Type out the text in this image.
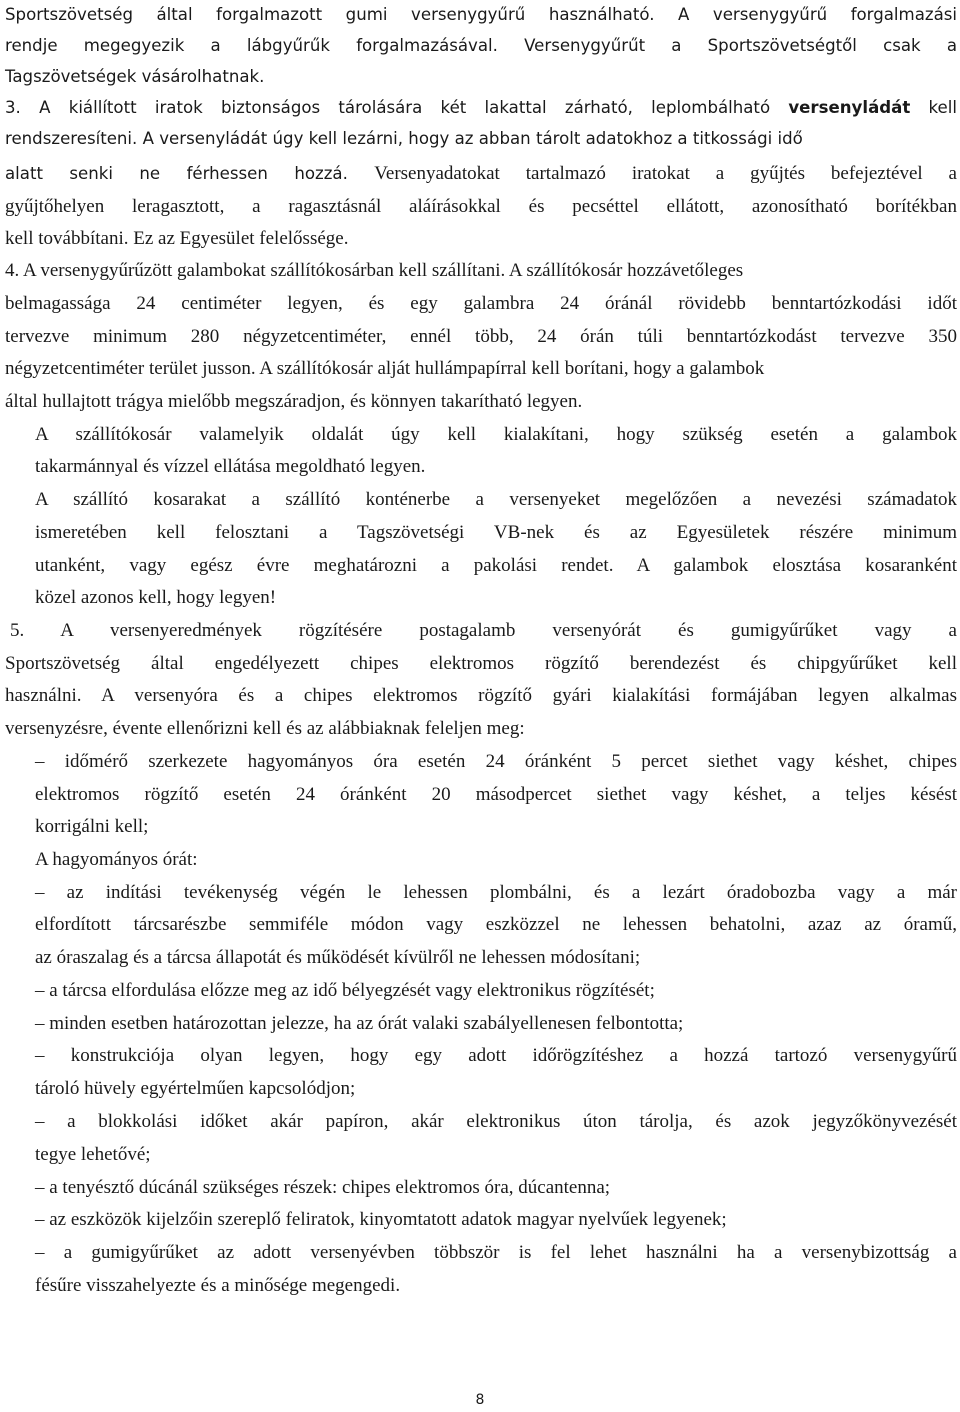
Sportszövetség által forgalmazott gumi versenygyűrű használható. A versenygyűrű forgalmazási
rendje megegyezik a lábgyűrűk forgalmazásával. Versenygyűrűt a Sportszövetségtől csak a
Tagszövetségek vásárolhatnak.
3. A kiállított iratok biztonságos tárolására két lakattal zárható, leplombálható versenyládát kell
rendszeresíteni. A versenyládát úgy kell lezárni, hogy az abban tárolt adatokhoz a titkossági idő
alatt senki ne férhessen hozzá. Versenyadatokat tartalmazó iratokat a gyűjtés befejeztével a
gyűjtőhelyen leragasztott, a ragasztásnál aláírásokkal és pecséttel ellátott, azonosítható borítékban
kell továbbítani. Ez az Egyesület felelőssége.
4. A versenygyűrűzött galambokat szállítókosárban kell szállítani. A szállítókosár hozzávetőleges
belmagassága 24 centiméter legyen, és egy galambra 24 óránál rövidebb benntartózkodási időt
tervezve minimum 280 négyzetcentiméter, ennél több, 24 órán túli benntartózkodást tervezve 350
négyzetcentiméter terület jusson. A szállítókosár alját hullámpapírral kell borítani, hogy a galambok
által hullajtott trágya mielőbb megszáradjon, és könnyen takarítható legyen.
A szállítókosár valamelyik oldalát úgy kell kialakítani, hogy szükség esetén a galambok
takarmánnyal és vízzel ellátása megoldható legyen.
A szállító kosarakat a szállító konténerbe a versenyeket megelőzően a nevezési számadatok
ismeretében kell felosztani a Tagszövetségi VB-nek és az Egyesületek részére minimum
utanként, vagy egész évre meghatározni a pakolási rendet. A galambok elosztása kosaranként
közel azonos kell, hogy legyen!
5. A versenyeredmények rögzítésére postagalamb versenyórát és gumigyűrűket vagy a
Sportszövetség által engedélyezett chipes elektromos rögzítő berendezést és chipgyűrűket kell
használni. A versenyóra és a chipes elektromos rögzítő gyári kialakítási formájában legyen alkalmas
versenyzésre, évente ellenőrizni kell és az alábbiaknak feleljen meg:
– időmérő szerkezete hagyományos óra esetén 24 óránként 5 percet siethet vagy késhet, chipes
elektromos rögzítő esetén 24 óránként 20 másodpercet siethet vagy késhet, a teljes késést
korrigálni kell;
A hagyományos órát:
– az indítási tevékenység végén le lehessen plombálni, és a lezárt óradobozba vagy a már
elfordított tárcsarészbe semmiféle módon vagy eszközzel ne lehessen behatolni, azaz az óramű,
az óraszalag és a tárcsa állapotát és működését kívülről ne lehessen módosítani;
– a tárcsa elfordulása előzze meg az idő bélyegzését vagy elektronikus rögzítését;
– minden esetben határozottan jelezze, ha az órát valaki szabályellenesen felbontotta;
– konstrukciója olyan legyen, hogy egy adott időrögzítéshez a hozzá tartozó versenygyűrű
tároló hüvely egyértelműen kapcsolódjon;
– a blokkolási időket akár papíron, akár elektronikus úton tárolja, és azok jegyzőkönyvezését
tegye lehetővé;
– a tenyésztő dúcánál szükséges részek: chipes elektromos óra, dúcantenna;
– az eszközök kijelzőin szereplő feliratok, kinyomtatott adatok magyar nyelvűek legyenek;
– a gumigyűrűket az adott versenyévben többször is fel lehet használni ha a versenybizottság a
fésűre visszahelyezte és a minősége megengedi.
8
